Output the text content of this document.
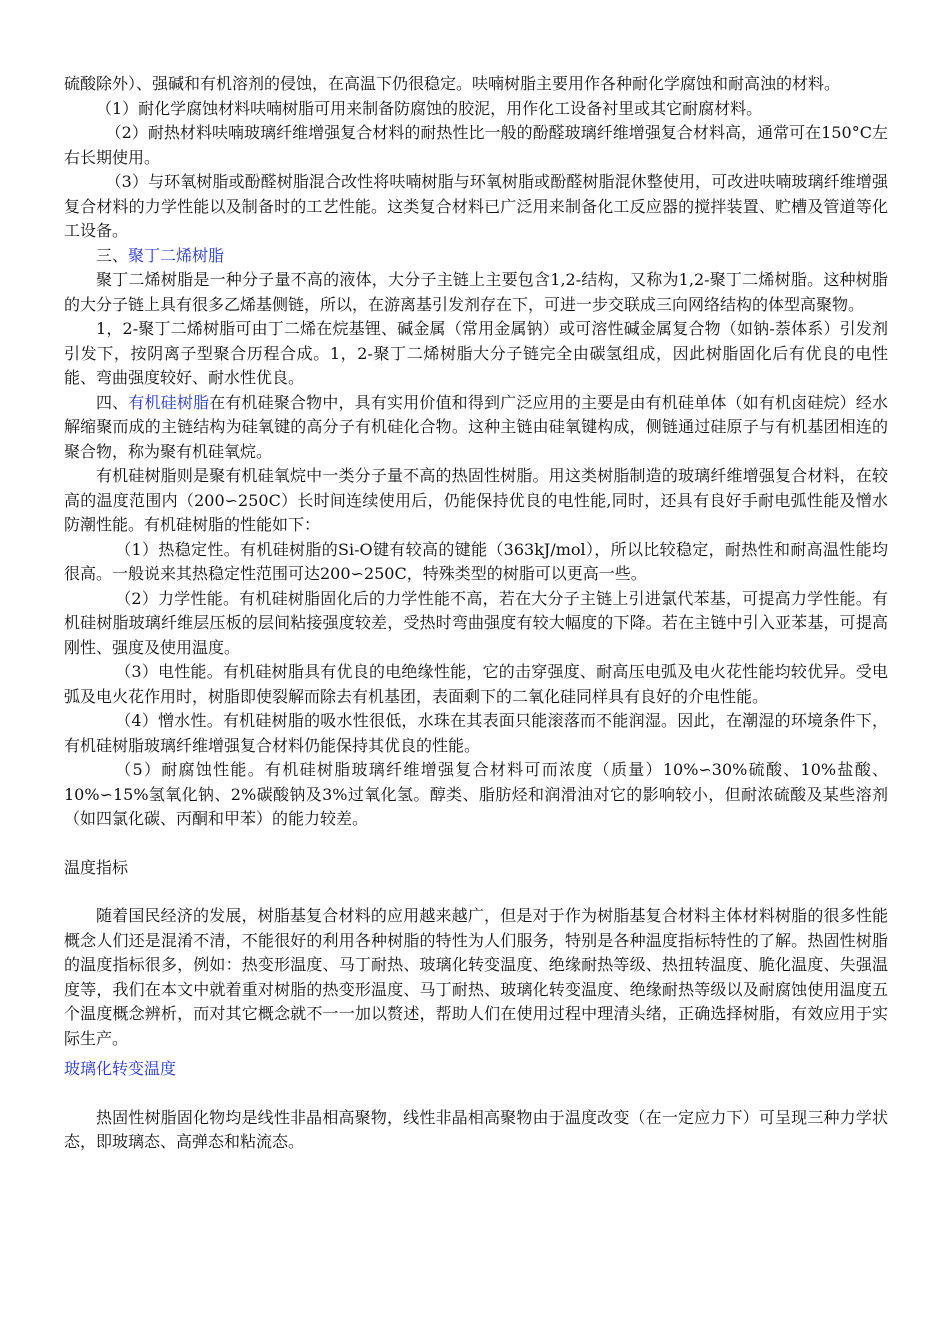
硫酸除外）、强碱和有机溶剂的侵蚀，在高温下仍很稳定。呋喃树脂主要用作各种耐化学腐蚀和耐高浊的材料。

（1）耐化学腐蚀材料呋喃树脂可用来制备防腐蚀的胶泥，用作化工设备衬里或其它耐腐材料。

（2）耐热材料呋喃玻璃纤维增强复合材料的耐热性比一般的酚醛玻璃纤维增强复合材料高，通常可在150°C左右长期使用。

（3）与环氧树脂或酚醛树脂混合改性将呋喃树脂与环氧树脂或酚醛树脂混休整使用，可改进呋喃玻璃纤维增强复合材料的力学性能以及制备时的工艺性能。这类复合材料已广泛用来制备化工反应器的搅拌装置、贮槽及管道等化工设备。

三、聚丁二烯树脂

聚丁二烯树脂是一种分子量不高的液体，大分子主链上主要包含1,2-结构，又称为1,2-聚丁二烯树脂。这种树脂的大分子链上具有很多乙烯基侧链，所以，在游离基引发剂存在下，可进一步交联成三向网络结构的体型高聚物。

1，2-聚丁二烯树脂可由丁二烯在烷基锂、碱金属（常用金属钠）或可溶性碱金属复合物（如钠-萘体系）引发剂引发下，按阴离子型聚合历程合成。1，2-聚丁二烯树脂大分子链完全由碳氢组成，因此树脂固化后有优良的电性能、弯曲强度较好、耐水性优良。

四、有机硅树脂在有机硅聚合物中，具有实用价值和得到广泛应用的主要是由有机硅单体（如有机卤硅烷）经水解缩聚而成的主链结构为硅氧键的高分子有机硅化合物。这种主链由硅氧键构成，侧链通过硅原子与有机基团相连的聚合物，称为聚有机硅氧烷。

有机硅树脂则是聚有机硅氧烷中一类分子量不高的热固性树脂。用这类树脂制造的玻璃纤维增强复合材料，在较高的温度范围内（200∽250C）长时间连续使用后，仍能保持优良的电性能,同时，还具有良好手耐电弧性能及憎水防潮性能。有机硅树脂的性能如下：

（1）热稳定性。有机硅树脂的Si-O键有较高的键能（363kJ/mol），所以比较稳定，耐热性和耐高温性能均很高。一般说来其热稳定性范围可达200∽250C，特殊类型的树脂可以更高一些。

（2）力学性能。有机硅树脂固化后的力学性能不高，若在大分子主链上引进氯代苯基，可提高力学性能。有机硅树脂玻璃纤维层压板的层间粘接强度较差，受热时弯曲强度有较大幅度的下降。若在主链中引入亚苯基，可提高刚性、强度及使用温度。

（3）电性能。有机硅树脂具有优良的电绝缘性能，它的击穿强度、耐高压电弧及电火花性能均较优异。受电弧及电火花作用时，树脂即使裂解而除去有机基团，表面剩下的二氧化硅同样具有良好的介电性能。

（4）憎水性。有机硅树脂的吸水性很低，水珠在其表面只能滚落而不能润湿。因此，在潮湿的环境条件下，有机硅树脂玻璃纤维增强复合材料仍能保持其优良的性能。

（5）耐腐蚀性能。有机硅树脂玻璃纤维增强复合材料可而浓度（质量）10%∽30%硫酸、10%盐酸、10%∽15%氢氧化钠、2%碳酸钠及3%过氧化氢。醇类、脂肪烃和润滑油对它的影响较小，但耐浓硫酸及某些溶剂（如四氯化碳、丙酮和甲苯）的能力较差。

温度指标

随着国民经济的发展，树脂基复合材料的应用越来越广，但是对于作为树脂基复合材料主体材料树脂的很多性能概念人们还是混淆不清，不能很好的利用各种树脂的特性为人们服务，特别是各种温度指标特性的了解。热固性树脂的温度指标很多，例如：热变形温度、马丁耐热、玻璃化转变温度、绝缘耐热等级、热扭转温度、脆化温度、失强温度等，我们在本文中就着重对树脂的热变形温度、马丁耐热、玻璃化转变温度、绝缘耐热等级以及耐腐蚀使用温度五个温度概念辨析，而对其它概念就不一一加以赘述，帮助人们在使用过程中理清头绪，正确选择树脂，有效应用于实际生产。

玻璃化转变温度

热固性树脂固化物均是线性非晶相高聚物，线性非晶相高聚物由于温度改变（在一定应力下）可呈现三种力学状态，即玻璃态、高弹态和粘流态。
